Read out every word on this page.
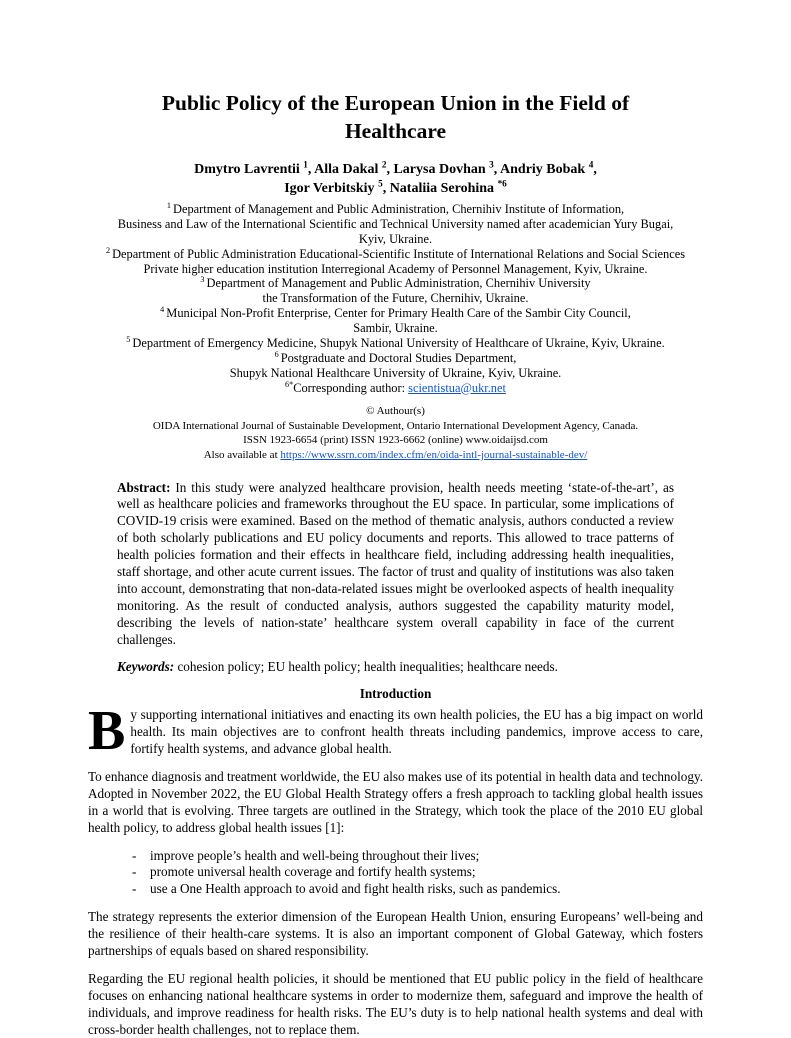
Public Policy of the European Union in the Field of
Healthcare
Dmytro Lavrentii $^1$, Alla Dakal $^2$, Larysa Dovhan $^3$, Andriy Bobak $^4$,
Igor Verbitskiy $^5$, Nataliia Serohina $^{*6}$
$^1$ Department of Management and Public Administration, Chernihiv Institute of Information,
Business and Law of the International Scientific and Technical University named after academician Yury Bugai,
Kyiv, Ukraine.
$^2$ Department of Public Administration Educational-Scientific Institute of International Relations and Social Sciences
Private higher education institution Interregional Academy of Personnel Management, Kyiv, Ukraine.
$^3$ Department of Management and Public Administration, Chernihiv University
the Transformation of the Future, Chernihiv, Ukraine.
$^4$ Municipal Non-Profit Enterprise, Center for Primary Health Care of the Sambir City Council,
Sambir, Ukraine.
$^5$ Department of Emergency Medicine, Shupyk National University of Healthcare of Ukraine, Kyiv, Ukraine.
$^6$ Postgraduate and Doctoral Studies Department,
Shupyk National Healthcare University of Ukraine, Kyiv, Ukraine.
$^{6*}$Corresponding author: scientistua@ukr.net
© Authour(s)
OIDA International Journal of Sustainable Development, Ontario International Development Agency, Canada.
ISSN 1923-6654 (print) ISSN 1923-6662 (online) www.oidaijsd.com
Also available at https://www.ssrn.com/index.cfm/en/oida-intl-journal-sustainable-dev/

Abstract: In this study were analyzed healthcare provision, health needs meeting ‘state-of-the-art’, as well as healthcare policies and frameworks throughout the EU space. In particular, some implications of COVID-19 crisis were examined. Based on the method of thematic analysis, authors conducted a review of both scholarly publications and EU policy documents and reports. This allowed to trace patterns of health policies formation and their effects in healthcare field, including addressing health inequalities, staff shortage, and other acute current issues. The factor of trust and quality of institutions was also taken into account, demonstrating that non-data-related issues might be overlooked aspects of health inequality monitoring. As the result of conducted analysis, authors suggested the capability maturity model, describing the levels of nation-state’ healthcare system overall capability in face of the current challenges.

Keywords: cohesion policy; EU health policy; health inequalities; healthcare needs.

Introduction

By supporting international initiatives and enacting its own health policies, the EU has a big impact on world health. Its main objectives are to confront health threats including pandemics, improve access to care, fortify health systems, and advance global health.

To enhance diagnosis and treatment worldwide, the EU also makes use of its potential in health data and technology. Adopted in November 2022, the EU Global Health Strategy offers a fresh approach to tackling global health issues in a world that is evolving. Three targets are outlined in the Strategy, which took the place of the 2010 EU global health policy, to address global health issues [1]:

- improve people’s health and well-being throughout their lives;
- promote universal health coverage and fortify health systems;
- use a One Health approach to avoid and fight health risks, such as pandemics.

The strategy represents the exterior dimension of the European Health Union, ensuring Europeans’ well-being and the resilience of their health-care systems. It is also an important component of Global Gateway, which fosters partnerships of equals based on shared responsibility.

Regarding the EU regional health policies, it should be mentioned that EU public policy in the field of healthcare focuses on enhancing national healthcare systems in order to modernize them, safeguard and improve the health of individuals, and improve readiness for health risks. The EU’s duty is to help national health systems and deal with cross-border health challenges, not to replace them.
